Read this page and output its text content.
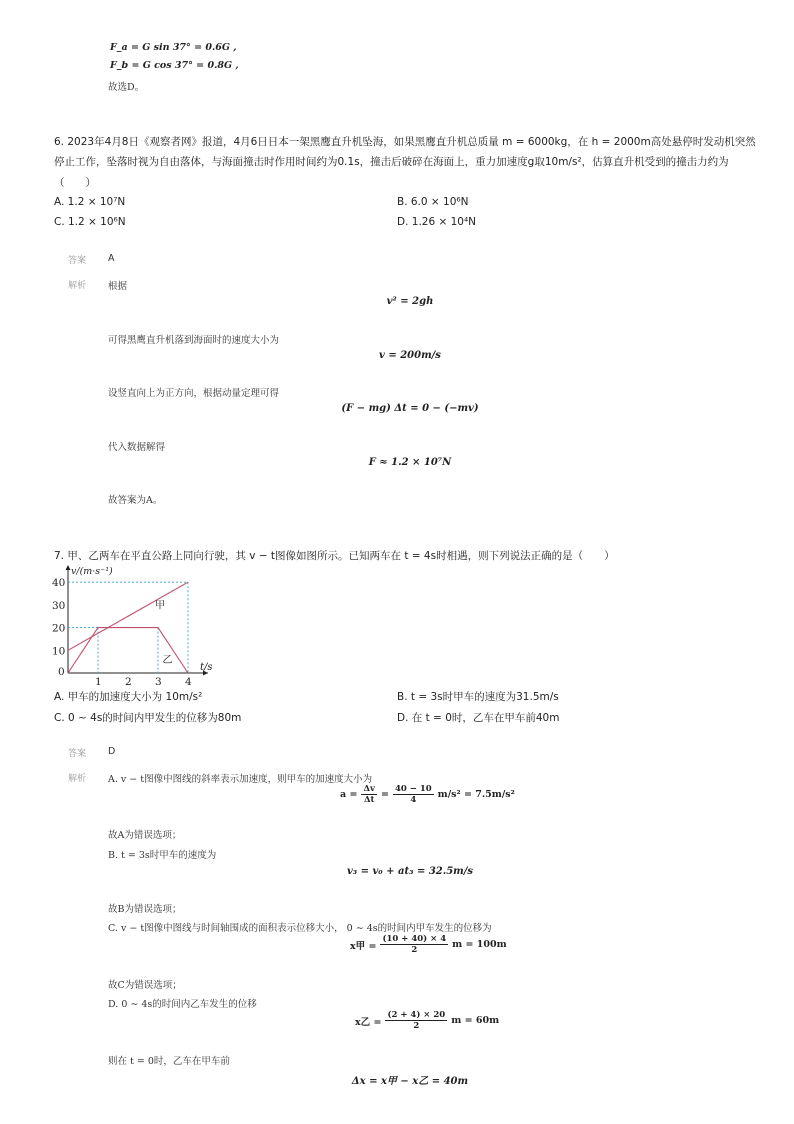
F_a = G sin 37° = 0.6G ,
F_b = G cos 37° = 0.8G ,
故选D。
6. 2023年4月8日《观察者网》报道，4月6日日本一架黑鹰直升机坠海，如果黑鹰直升机总质量 m = 6000kg，在 h = 2000m高处悬停时发动机突然
停止工作，坠落时视为自由落体，与海面撞击时作用时间约为0.1s，撞击后破碎在海面上，重力加速度g取10m/s²，估算直升机受到的撞击力约为
（　　）
A. 1.2 × 10⁷N	B. 6.0 × 10⁶N
C. 1.2 × 10⁶N	D. 1.26 × 10⁴N
答案 A
解析 根据
v² = 2gh
可得黑鹰直升机落到海面时的速度大小为
v = 200m/s
设竖直向上为正方向，根据动量定理可得
(F − mg) Δt = 0 − (−mv)
代入数据解得
F ≈ 1.2 × 10⁷N
故答案为A。
7. 甲、乙两车在平直公路上同向行驶，其 v − t图像如图所示。已知两车在 t = 4s时相遇，则下列说法正确的是（　　）
甲
乙
0
1 2 3 4
10
20
30
40
v/(m·s⁻¹)
t/s
A. 甲车的加速度大小为 10m/s²	B. t = 3s时甲车的速度为31.5m/s
C. 0 ∼ 4s的时间内甲发生的位移为80m	D. 在 t = 0时，乙车在甲车前40m
答案 D
解析 A. v − t图像中图线的斜率表示加速度，则甲车的加速度大小为
$a = \frac{\Delta v}{\Delta t} = \frac{40 - 10}{4} m/s^2 = 7.5m/s^2$
故A为错误选项；
B. t = 3s时甲车的速度为
v₃ = v₀ + at₃ = 32.5m/s
故B为错误选项；
C. v − t图像中图线与时间轴围成的面积表示位移大小， 0 ∼ 4s的时间内甲车发生的位移为
x甲 = $\frac{(10 + 40) \times 4}{2}$ m = 100m
故C为错误选项；
D. 0 ∼ 4s的时间内乙车发生的位移
x乙 = $\frac{(2 + 4) \times 20}{2}$ m = 60m
则在 t = 0时，乙车在甲车前
Δx = x甲 − x乙 = 40m
